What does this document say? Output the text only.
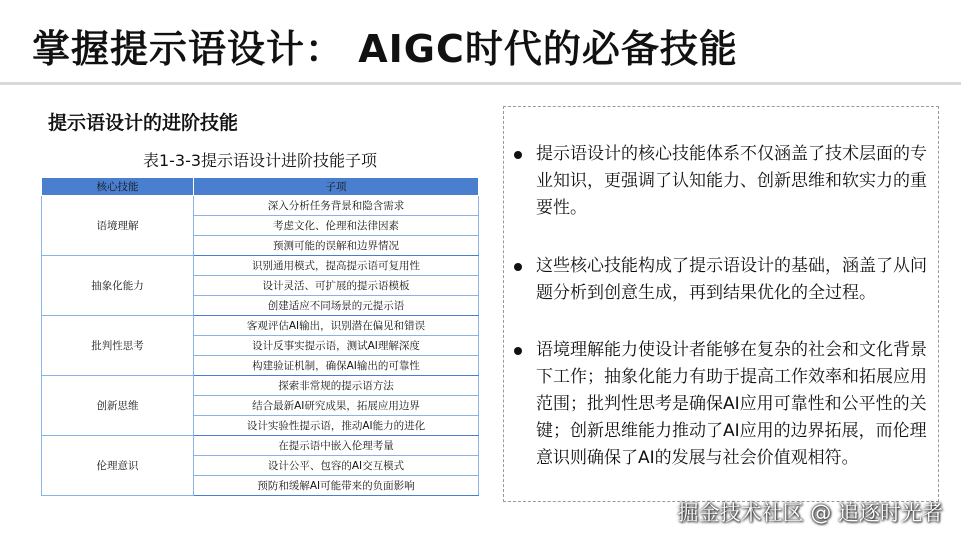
掌握提示语设计： AIGC时代的必备技能
提示语设计的进阶技能
表1-3-3提示语设计进阶技能子项
核心技能	子项
语境理解	深入分析任务背景和隐含需求
	考虑文化、伦理和法律因素
	预测可能的误解和边界情况
抽象化能力	识别通用模式，提高提示语可复用性
	设计灵活、可扩展的提示语模板
	创建适应不同场景的元提示语
批判性思考	客观评估AI输出，识别潜在偏见和错误
	设计反事实提示语，测试AI理解深度
	构建验证机制，确保AI输出的可靠性
创新思维	探索非常规的提示语方法
	结合最新AI研究成果，拓展应用边界
	设计实验性提示语，推动AI能力的进化
伦理意识	在提示语中嵌入伦理考量
	设计公平、包容的AI交互模式
	预防和缓解AI可能带来的负面影响
提示语设计的核心技能体系不仅涵盖了技术层面的专　业知识，更强调了认知能力、创新思维和软实力的重　要性。
这些核心技能构成了提示语设计的基础，涵盖了从问　题分析到创意生成，再到结果优化的全过程。
语境理解能力使设计者能够在复杂的社会和文化背景　下工作；抽象化能力有助于提高工作效率和拓展应用　范围；批判性思考是确保AI应用可靠性和公平性的关　键；创新思维能力推动了AI应用的边界拓展，而伦理　意识则确保了AI的发展与社会价值观相符。
掘金技术社区 @ 追逐时光者
